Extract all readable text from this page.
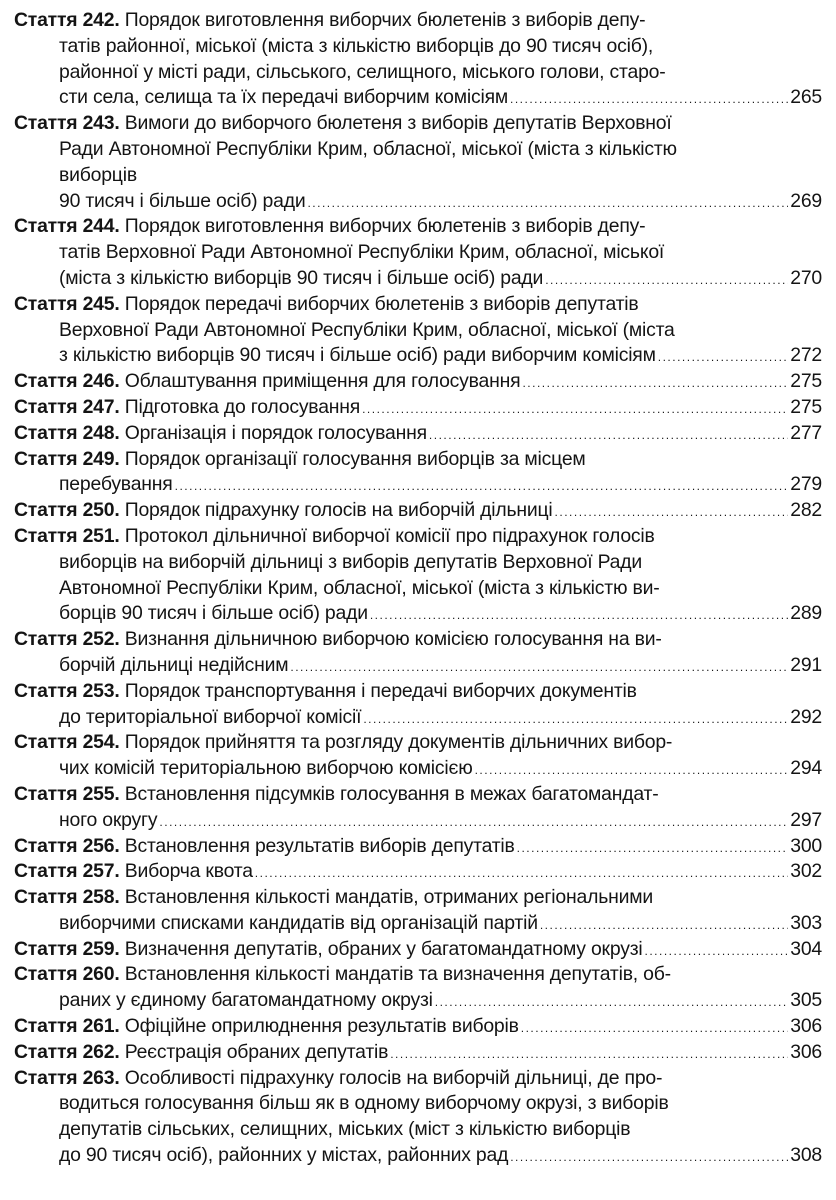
Стаття 242. Порядок виготовлення виборчих бюлетенів з виборів депу-
татів районної, міської (міста з кількістю виборців до 90 тисяч осіб),
районної у місті ради, сільського, селищного, міського голови, старо-
сти села, селища та їх передачі виборчим комісіям .....	265
Стаття 243. Вимоги до виборчого бюлетеня з виборів депутатів Верховної
Ради Автономної Республіки Крим, обласної, міської (міста з кількістю
виборців
90 тисяч і більше осіб) ради .....	269
Стаття 244. Порядок виготовлення виборчих бюлетенів з виборів депу-
татів Верховної Ради Автономної Республіки Крим, обласної, міської
(міста з кількістю виборців 90 тисяч і більше осіб) ради .....	270
Стаття 245. Порядок передачі виборчих бюлетенів з виборів депутатів
Верховної Ради Автономної Республіки Крим, обласної, міської (міста
з кількістю виборців 90 тисяч і більше осіб) ради виборчим комісіям .....	272
Стаття 246. Облаштування приміщення для голосування .....	275
Стаття 247. Підготовка до голосування .....	275
Стаття 248. Організація і порядок голосування .....	277
Стаття 249. Порядок організації голосування виборців за місцем
перебування .....	279
Стаття 250. Порядок підрахунку голосів на виборчій дільниці .....	282
Стаття 251. Протокол дільничної виборчої комісії про підрахунок голосів
виборців на виборчій дільниці з виборів депутатів Верховної Ради
Автономної Республіки Крим, обласної, міської (міста з кількістю ви-
борців 90 тисяч і більше осіб) ради .....	289
Стаття 252. Визнання дільничною виборчою комісією голосування на ви-
борчій дільниці недійсним .....	291
Стаття 253. Порядок транспортування і передачі виборчих документів
до територіальної виборчої комісії .....	292
Стаття 254. Порядок прийняття та розгляду документів дільничних вибор-
чих комісій територіальною виборчою комісією .....	294
Стаття 255. Встановлення підсумків голосування в межах багатомандат-
ного округу .....	297
Стаття 256. Встановлення результатів виборів депутатів .....	300
Стаття 257. Виборча квота .....	302
Стаття 258. Встановлення кількості мандатів, отриманих регіональними
виборчими списками кандидатів від організацій партій .....	303
Стаття 259. Визначення депутатів, обраних у багатомандатному окрузі .....	304
Стаття 260. Встановлення кількості мандатів та визначення депутатів, об-
раних у єдиному багатомандатному окрузі .....	305
Стаття 261. Офіційне оприлюднення результатів виборів .....	306
Стаття 262. Реєстрація обраних депутатів .....	306
Стаття 263. Особливості підрахунку голосів на виборчій дільниці, де про-
водиться голосування більш як в одному виборчому окрузі, з виборів
депутатів сільських, селищних, міських (міст з кількістю виборців
до 90 тисяч осіб), районних у містах, районних рад .....	308
